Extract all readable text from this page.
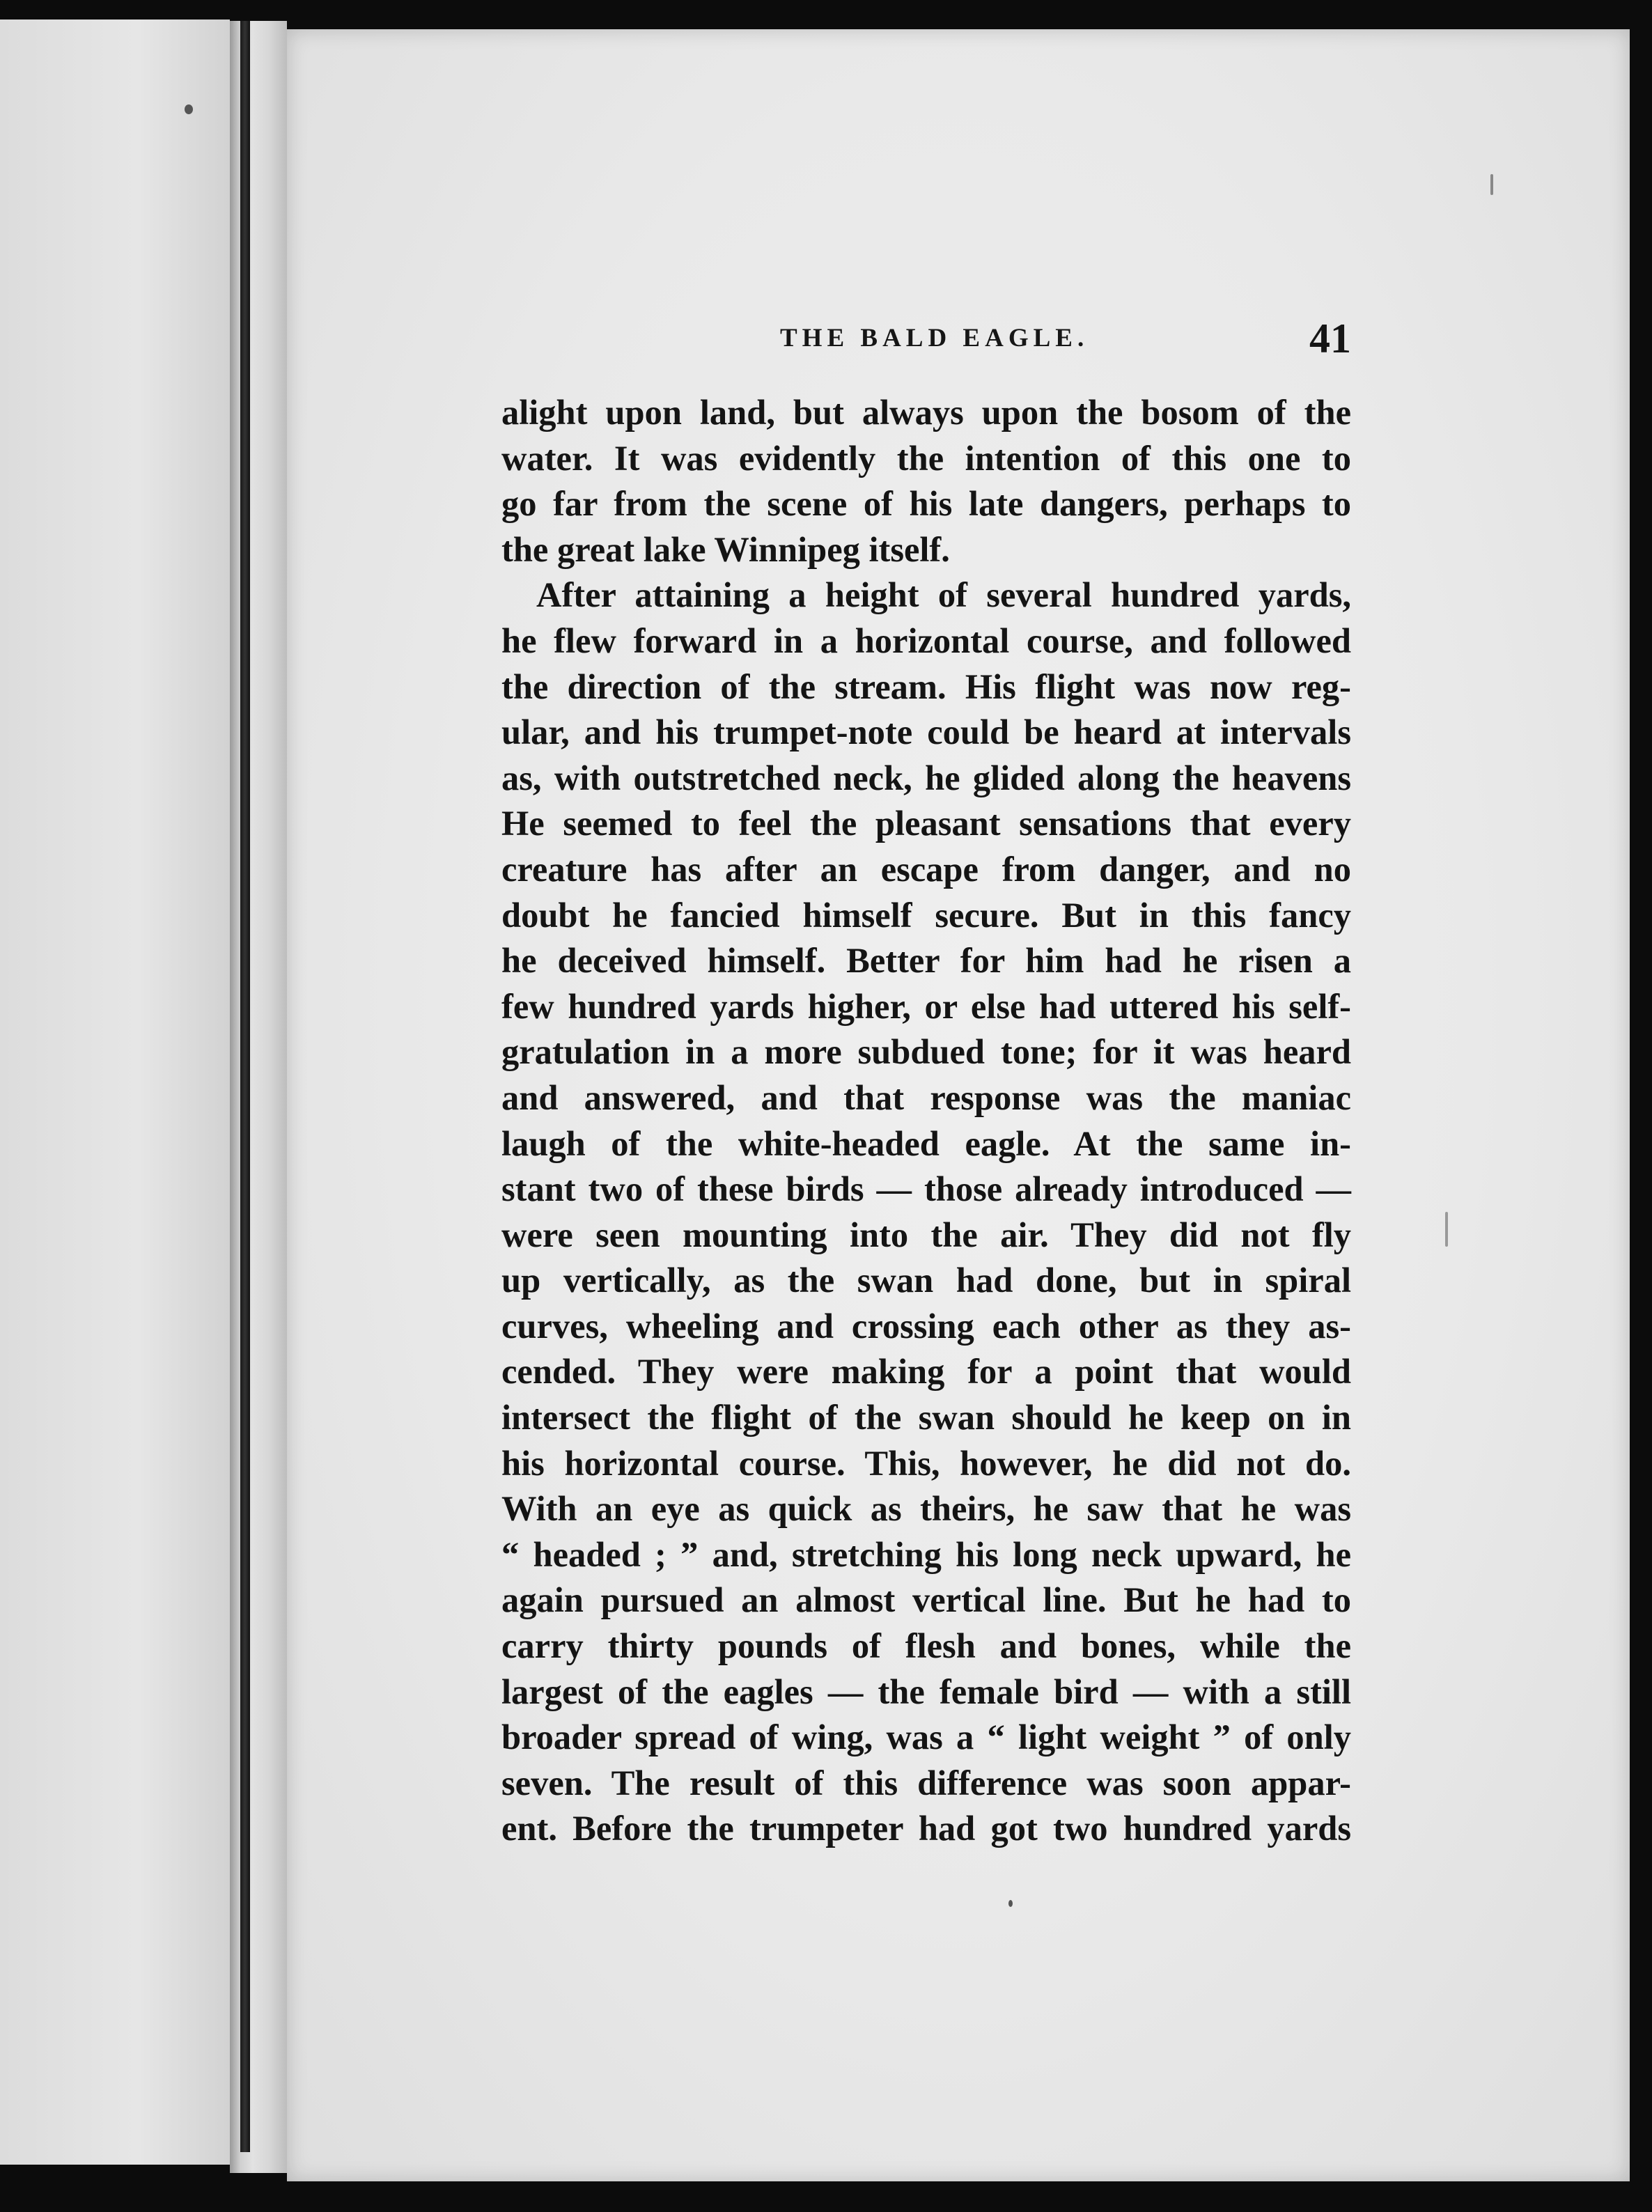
THE BALD EAGLE.	41
alight upon land, but always upon the bosom of the
water. It was evidently the intention of this one to
go far from the scene of his late dangers, perhaps to
the great lake Winnipeg itself.
After attaining a height of several hundred yards,
he flew forward in a horizontal course, and followed
the direction of the stream. His flight was now reg-
ular, and his trumpet-note could be heard at intervals
as, with outstretched neck, he glided along the heavens
He seemed to feel the pleasant sensations that every
creature has after an escape from danger, and no
doubt he fancied himself secure. But in this fancy
he deceived himself. Better for him had he risen a
few hundred yards higher, or else had uttered his self-
gratulation in a more subdued tone; for it was heard
and answered, and that response was the maniac
laugh of the white-headed eagle. At the same in-
stant two of these birds — those already introduced —
were seen mounting into the air. They did not fly
up vertically, as the swan had done, but in spiral
curves, wheeling and crossing each other as they as-
cended. They were making for a point that would
intersect the flight of the swan should he keep on in
his horizontal course. This, however, he did not do.
With an eye as quick as theirs, he saw that he was
“ headed ; ” and, stretching his long neck upward, he
again pursued an almost vertical line. But he had to
carry thirty pounds of flesh and bones, while the
largest of the eagles — the female bird — with a still
broader spread of wing, was a “ light weight ” of only
seven. The result of this difference was soon appar-
ent. Before the trumpeter had got two hundred yards
